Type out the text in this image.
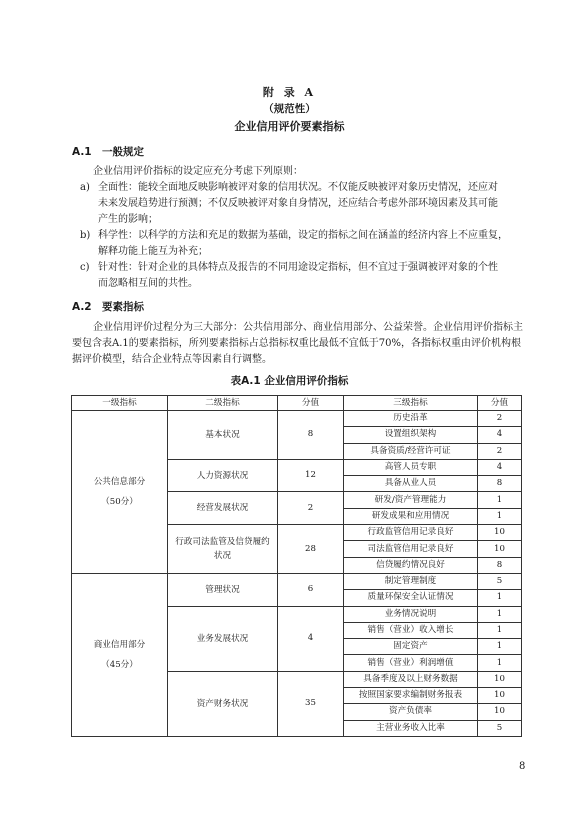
附 录 A
（规范性）
企业信用评价要素指标
A.1 一般规定
企业信用评价指标的设定应充分考虑下列原则：
a) 全面性：能较全面地反映影响被评对象的信用状况。不仅能反映被评对象历史情况，还应对
未来发展趋势进行预测；不仅反映被评对象自身情况，还应结合考虑外部环境因素及其可能
产生的影响；
b) 科学性：以科学的方法和充足的数据为基础，设定的指标之间在涵盖的经济内容上不应重复，
解释功能上能互为补充；
c) 针对性：针对企业的具体特点及报告的不同用途设定指标，但不宜过于强调被评对象的个性
而忽略相互间的共性。
A.2 要素指标
企业信用评价过程分为三大部分：公共信用部分、商业信用部分、公益荣誉。企业信用评价指标主
要包含表A.1的要素指标，所列要素指标占总指标权重比最低不宜低于70%，各指标权重由评价机构根
据评价模型，结合企业特点等因素自行调整。
表A.1 企业信用评价指标
一级指标	二级指标	分值	三级指标	分值
公共信息部分
（50分）	基本状况	8	历史沿革	2
			设置组织架构	4
			具备资质/经营许可证	2
	人力资源状况	12	高管人员专职	4
			具备从业人员	8
	经营发展状况	2	研发/资产管理能力	1
			研发成果和应用情况	1
	行政司法监管及信贷履约
状况	28	行政监管信用记录良好	10
			司法监管信用记录良好	10
			信贷履约情况良好	8
商业信用部分
（45分）	管理状况	6	制定管理制度	5
			质量环保安全认证情况	1
	业务发展状况	4	业务情况说明	1
			销售（营业）收入增长	1
			固定资产	1
			销售（营业）利润增值	1
	资产财务状况	35	具备季度及以上财务数据	10
			按照国家要求编制财务报表	10
			资产负债率	10
			主营业务收入比率	5
8
